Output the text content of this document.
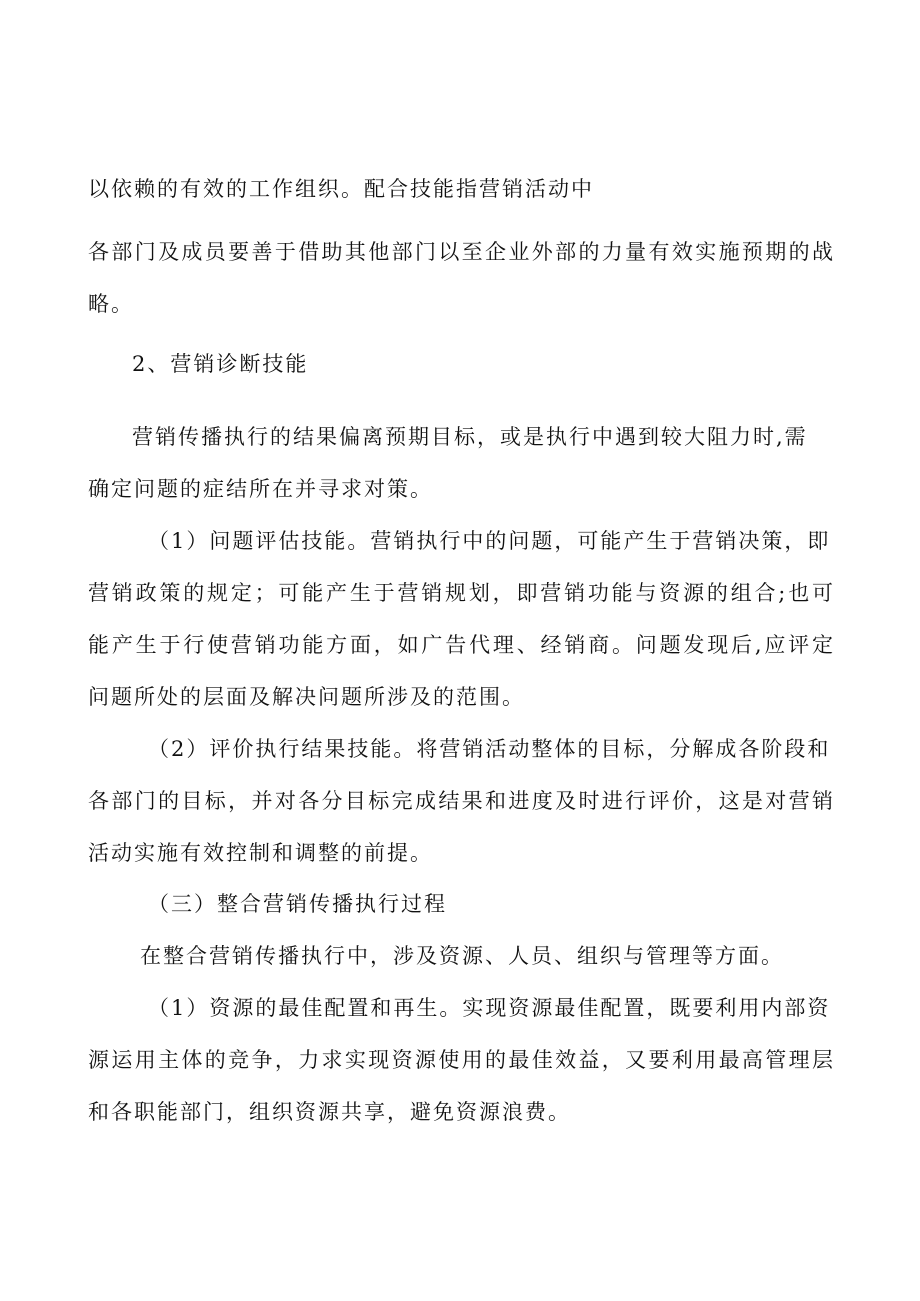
以依赖的有效的工作组织。配合技能指营销活动中
各部门及成员要善于借助其他部门以至企业外部的力量有效实施预期的战
略。
2、营销诊断技能
营销传播执行的结果偏离预期目标，或是执行中遇到较大阻力时,需
确定问题的症结所在并寻求对策。
（1）问题评估技能。营销执行中的问题，可能产生于营销决策，即
营销政策的规定；可能产生于营销规划，即营销功能与资源的组合;也可
能产生于行使营销功能方面，如广告代理、经销商。问题发现后,应评定
问题所处的层面及解决问题所涉及的范围。
（2）评价执行结果技能。将营销活动整体的目标，分解成各阶段和
各部门的目标，并对各分目标完成结果和进度及时进行评价，这是对营销
活动实施有效控制和调整的前提。
（三）整合营销传播执行过程
在整合营销传播执行中，涉及资源、人员、组织与管理等方面。
（1）资源的最佳配置和再生。实现资源最佳配置，既要利用内部资
源运用主体的竞争，力求实现资源使用的最佳效益，又要利用最高管理层
和各职能部门，组织资源共享，避免资源浪费。
